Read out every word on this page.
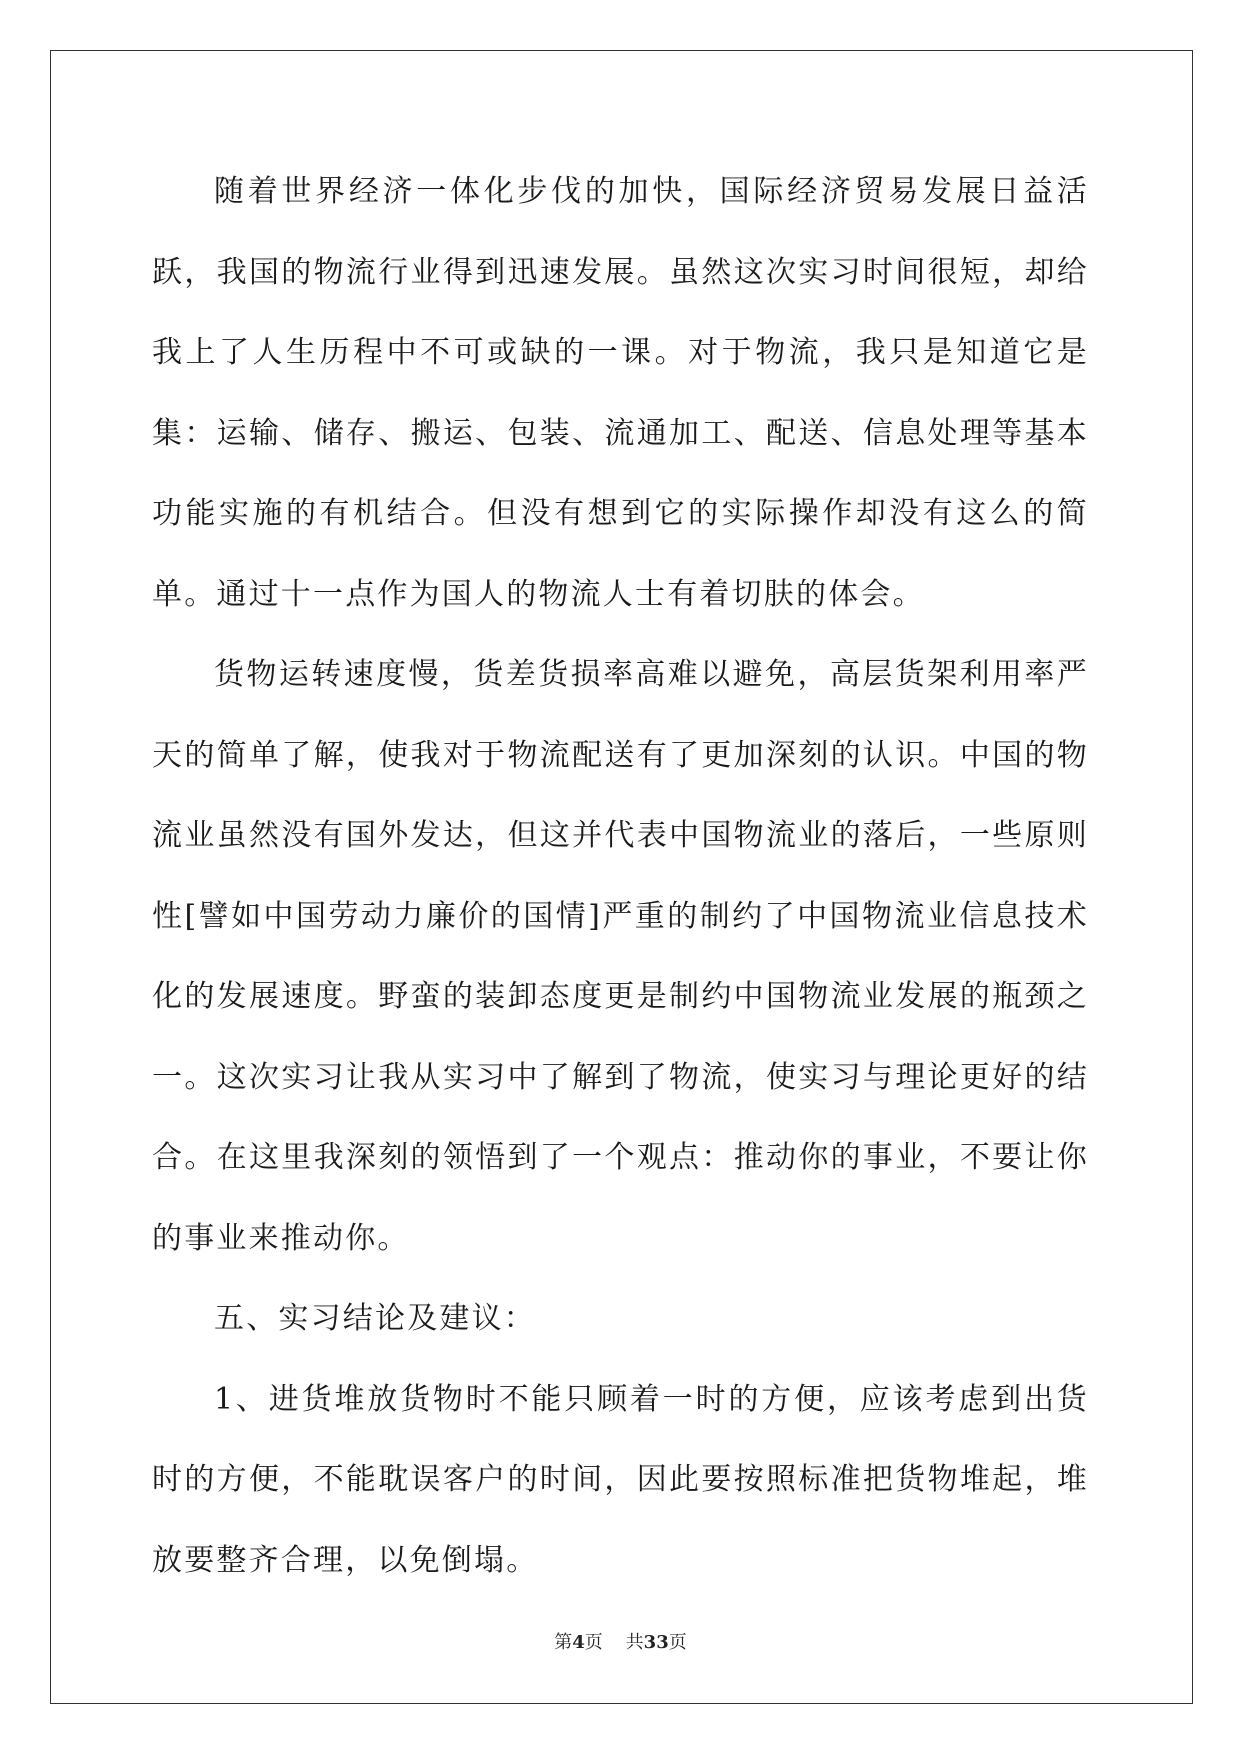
随着世界经济一体化步伐的加快，国际经济贸易发展日益活跃，我国的物流行业得到迅速发展。虽然这次实习时间很短，却给我上了人生历程中不可或缺的一课。对于物流，我只是知道它是集：运输、储存、搬运、包装、流通加工、配送、信息处理等基本功能实施的有机结合。但没有想到它的实际操作却没有这么的简单。通过十一点作为国人的物流人士有着切肤的体会。

货物运转速度慢，货差货损率高难以避免，高层货架利用率严天的简单了解，使我对于物流配送有了更加深刻的认识。中国的物流业虽然没有国外发达，但这并代表中国物流业的落后，一些原则性[譬如中国劳动力廉价的国情]严重的制约了中国物流业信息技术化的发展速度。野蛮的装卸态度更是制约中国物流业发展的瓶颈之一。这次实习让我从实习中了解到了物流，使实习与理论更好的结合。在这里我深刻的领悟到了一个观点：推动你的事业，不要让你的事业来推动你。

五、实习结论及建议：

1、进货堆放货物时不能只顾着一时的方便，应该考虑到出货时的方便，不能耽误客户的时间，因此要按照标准把货物堆起，堆放要整齐合理，以免倒塌。

第4页 共33页
